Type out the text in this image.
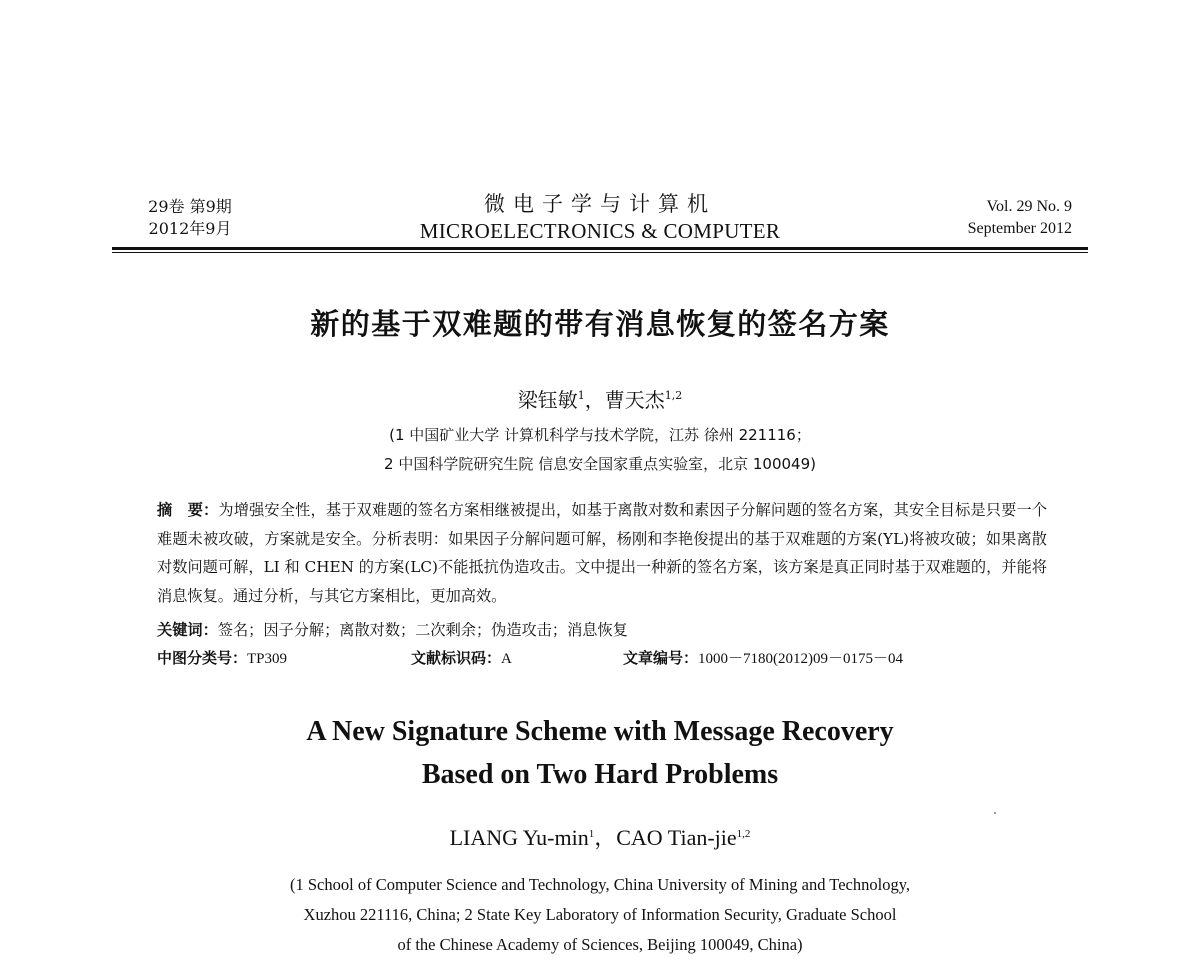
29卷 第9期
2012年9月
微电子学与计算机
MICROELECTRONICS & COMPUTER
Vol. 29 No. 9
September 2012
新的基于双难题的带有消息恢复的签名方案
梁钰敏$^1$，曹天杰$^{1,2}$
(1 中国矿业大学 计算机科学与技术学院，江苏 徐州 221116；
2 中国科学院研究生院 信息安全国家重点实验室，北京 100049)
摘　要：为增强安全性，基于双难题的签名方案相继被提出，如基于离散对数和素因子分解问题的签名方案，其安全目标是只要一个难题未被攻破，方案就是安全。分析表明：如果因子分解问题可解，杨刚和李艳俊提出的基于双难题的方案(YL)将被攻破；如果离散对数问题可解，LI 和 CHEN 的方案(LC)不能抵抗伪造攻击。文中提出一种新的签名方案，该方案是真正同时基于双难题的，并能将消息恢复。通过分析，与其它方案相比，更加高效。
关键词：签名；因子分解；离散对数；二次剩余；伪造攻击；消息恢复
中图分类号：TP309	文献标识码：A	文章编号：1000－7180(2012)09－0175－04
A New Signature Scheme with Message Recovery
Based on Two Hard Problems
LIANG $Yu-\min^1$，CAO Tian-jie$^{1,2}$
(1 School of Computer Science and Technology, China University of Mining and Technology,
Xuzhou 221116, China; 2 State Key Laboratory of Information Security, Graduate School
of the Chinese Academy of Sciences, Beijing 100049, China)
